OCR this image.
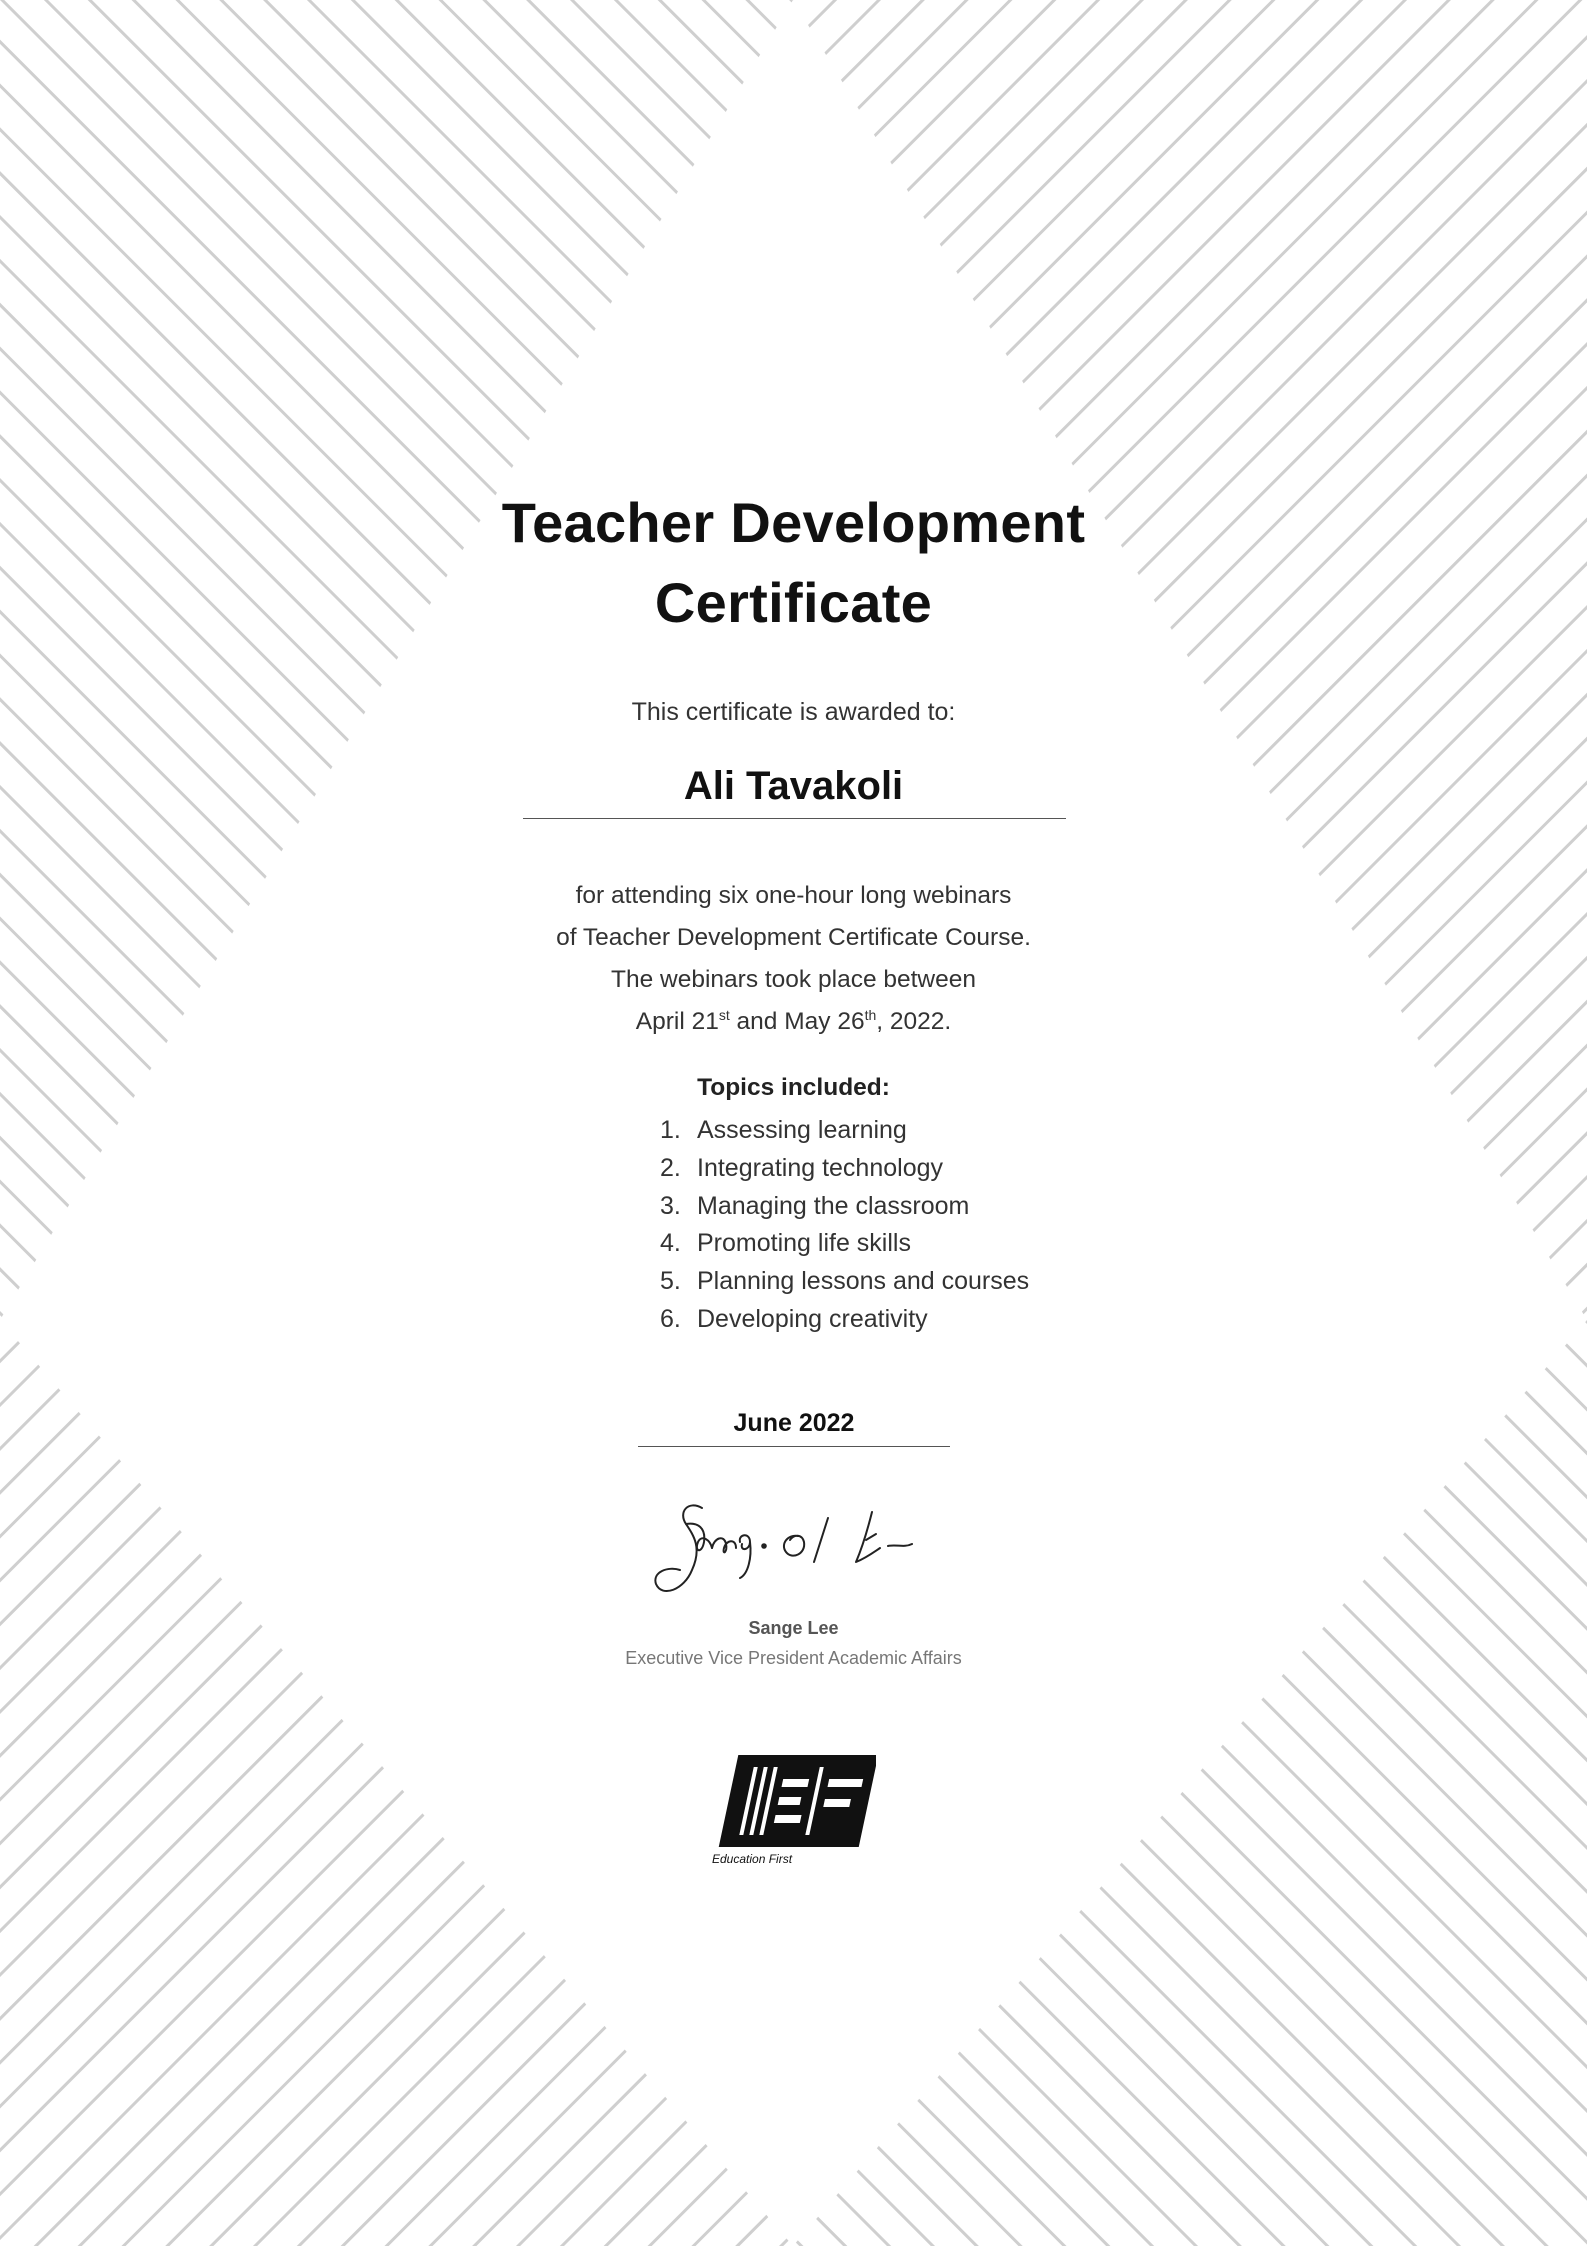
Teacher Development
Certificate
This certificate is awarded to:
Ali Tavakoli
for attending six one-hour long webinars
of Teacher Development Certificate Course.
The webinars took place between
April 21st and May 26th, 2022.
Topics included:
1. Assessing learning
2. Integrating technology
3. Managing the classroom
4. Promoting life skills
5. Planning lessons and courses
6. Developing creativity
June 2022
Sange Lee
Executive Vice President Academic Affairs
Education First
